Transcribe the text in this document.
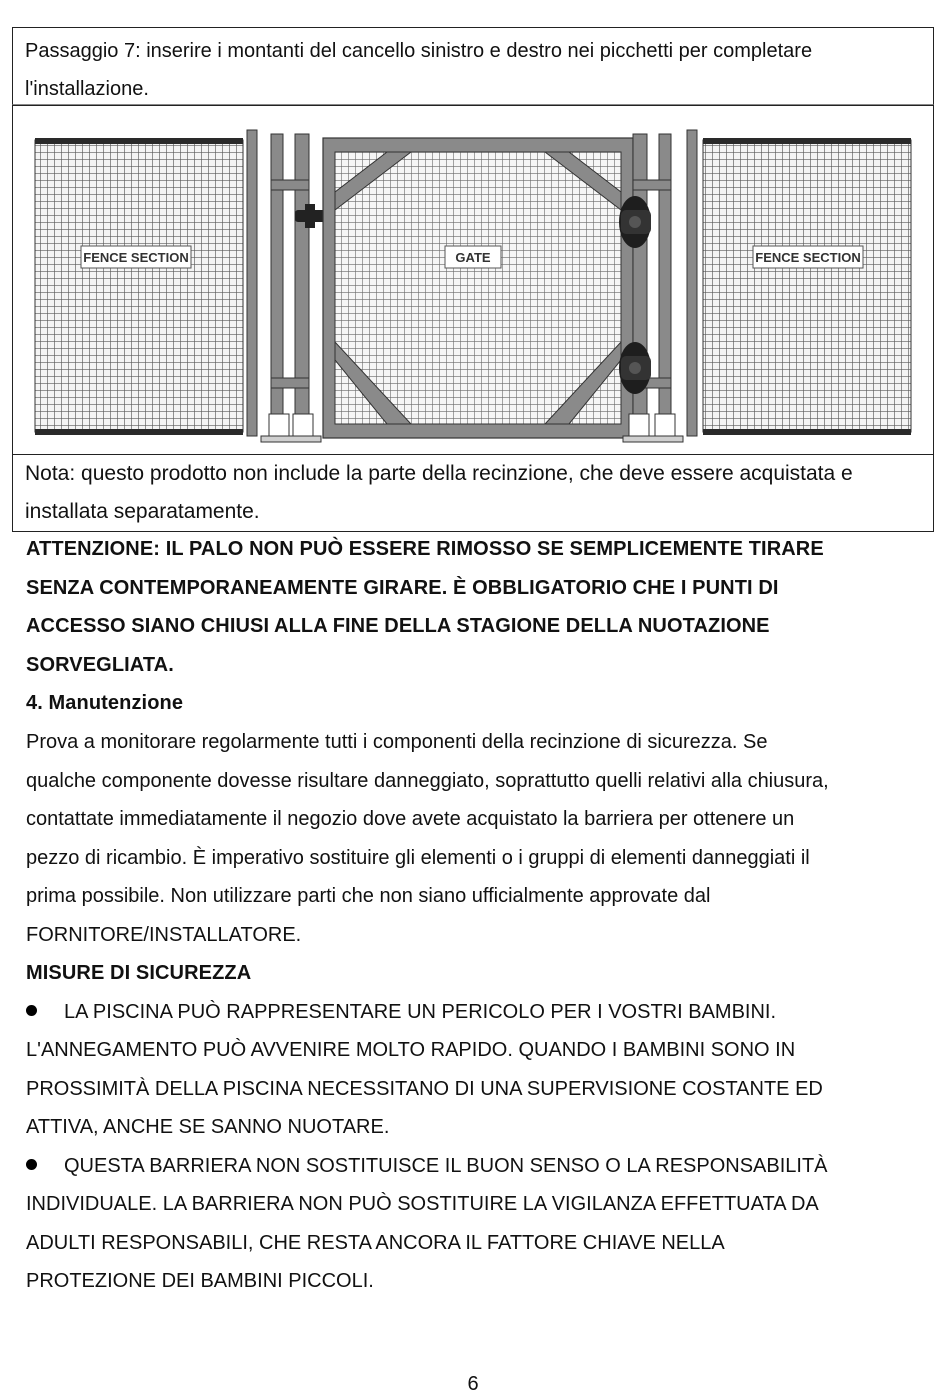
Passaggio 7: inserire i montanti del cancello sinistro e destro nei picchetti per completare l'installazione.
FENCE SECTION	GATE	FENCE SECTION
Nota: questo prodotto non include la parte della recinzione, che deve essere acquistata e installata separatamente.
ATTENZIONE: IL PALO NON PUÒ ESSERE RIMOSSO SE SEMPLICEMENTE TIRARE
SENZA CONTEMPORANEAMENTE GIRARE. È OBBLIGATORIO CHE I PUNTI DI
ACCESSO SIANO CHIUSI ALLA FINE DELLA STAGIONE DELLA NUOTAZIONE
SORVEGLIATA.
4. Manutenzione
Prova a monitorare regolarmente tutti i componenti della recinzione di sicurezza. Se
qualche componente dovesse risultare danneggiato, soprattutto quelli relativi alla chiusura,
contattate immediatamente il negozio dove avete acquistato la barriera per ottenere un
pezzo di ricambio. È imperativo sostituire gli elementi o i gruppi di elementi danneggiati il
prima possibile. Non utilizzare parti che non siano ufficialmente approvate dal
FORNITORE/INSTALLATORE.
MISURE DI SICUREZZA
LA PISCINA PUÒ RAPPRESENTARE UN PERICOLO PER I VOSTRI BAMBINI.
L'ANNEGAMENTO PUÒ AVVENIRE MOLTO RAPIDO. QUANDO I BAMBINI SONO IN
PROSSIMITÀ DELLA PISCINA NECESSITANO DI UNA SUPERVISIONE COSTANTE ED
ATTIVA, ANCHE SE SANNO NUOTARE.
QUESTA BARRIERA NON SOSTITUISCE IL BUON SENSO O LA RESPONSABILITÀ
INDIVIDUALE. LA BARRIERA NON PUÒ SOSTITUIRE LA VIGILANZA EFFETTUATA DA
ADULTI RESPONSABILI, CHE RESTA ANCORA IL FATTORE CHIAVE NELLA
PROTEZIONE DEI BAMBINI PICCOLI.
6
